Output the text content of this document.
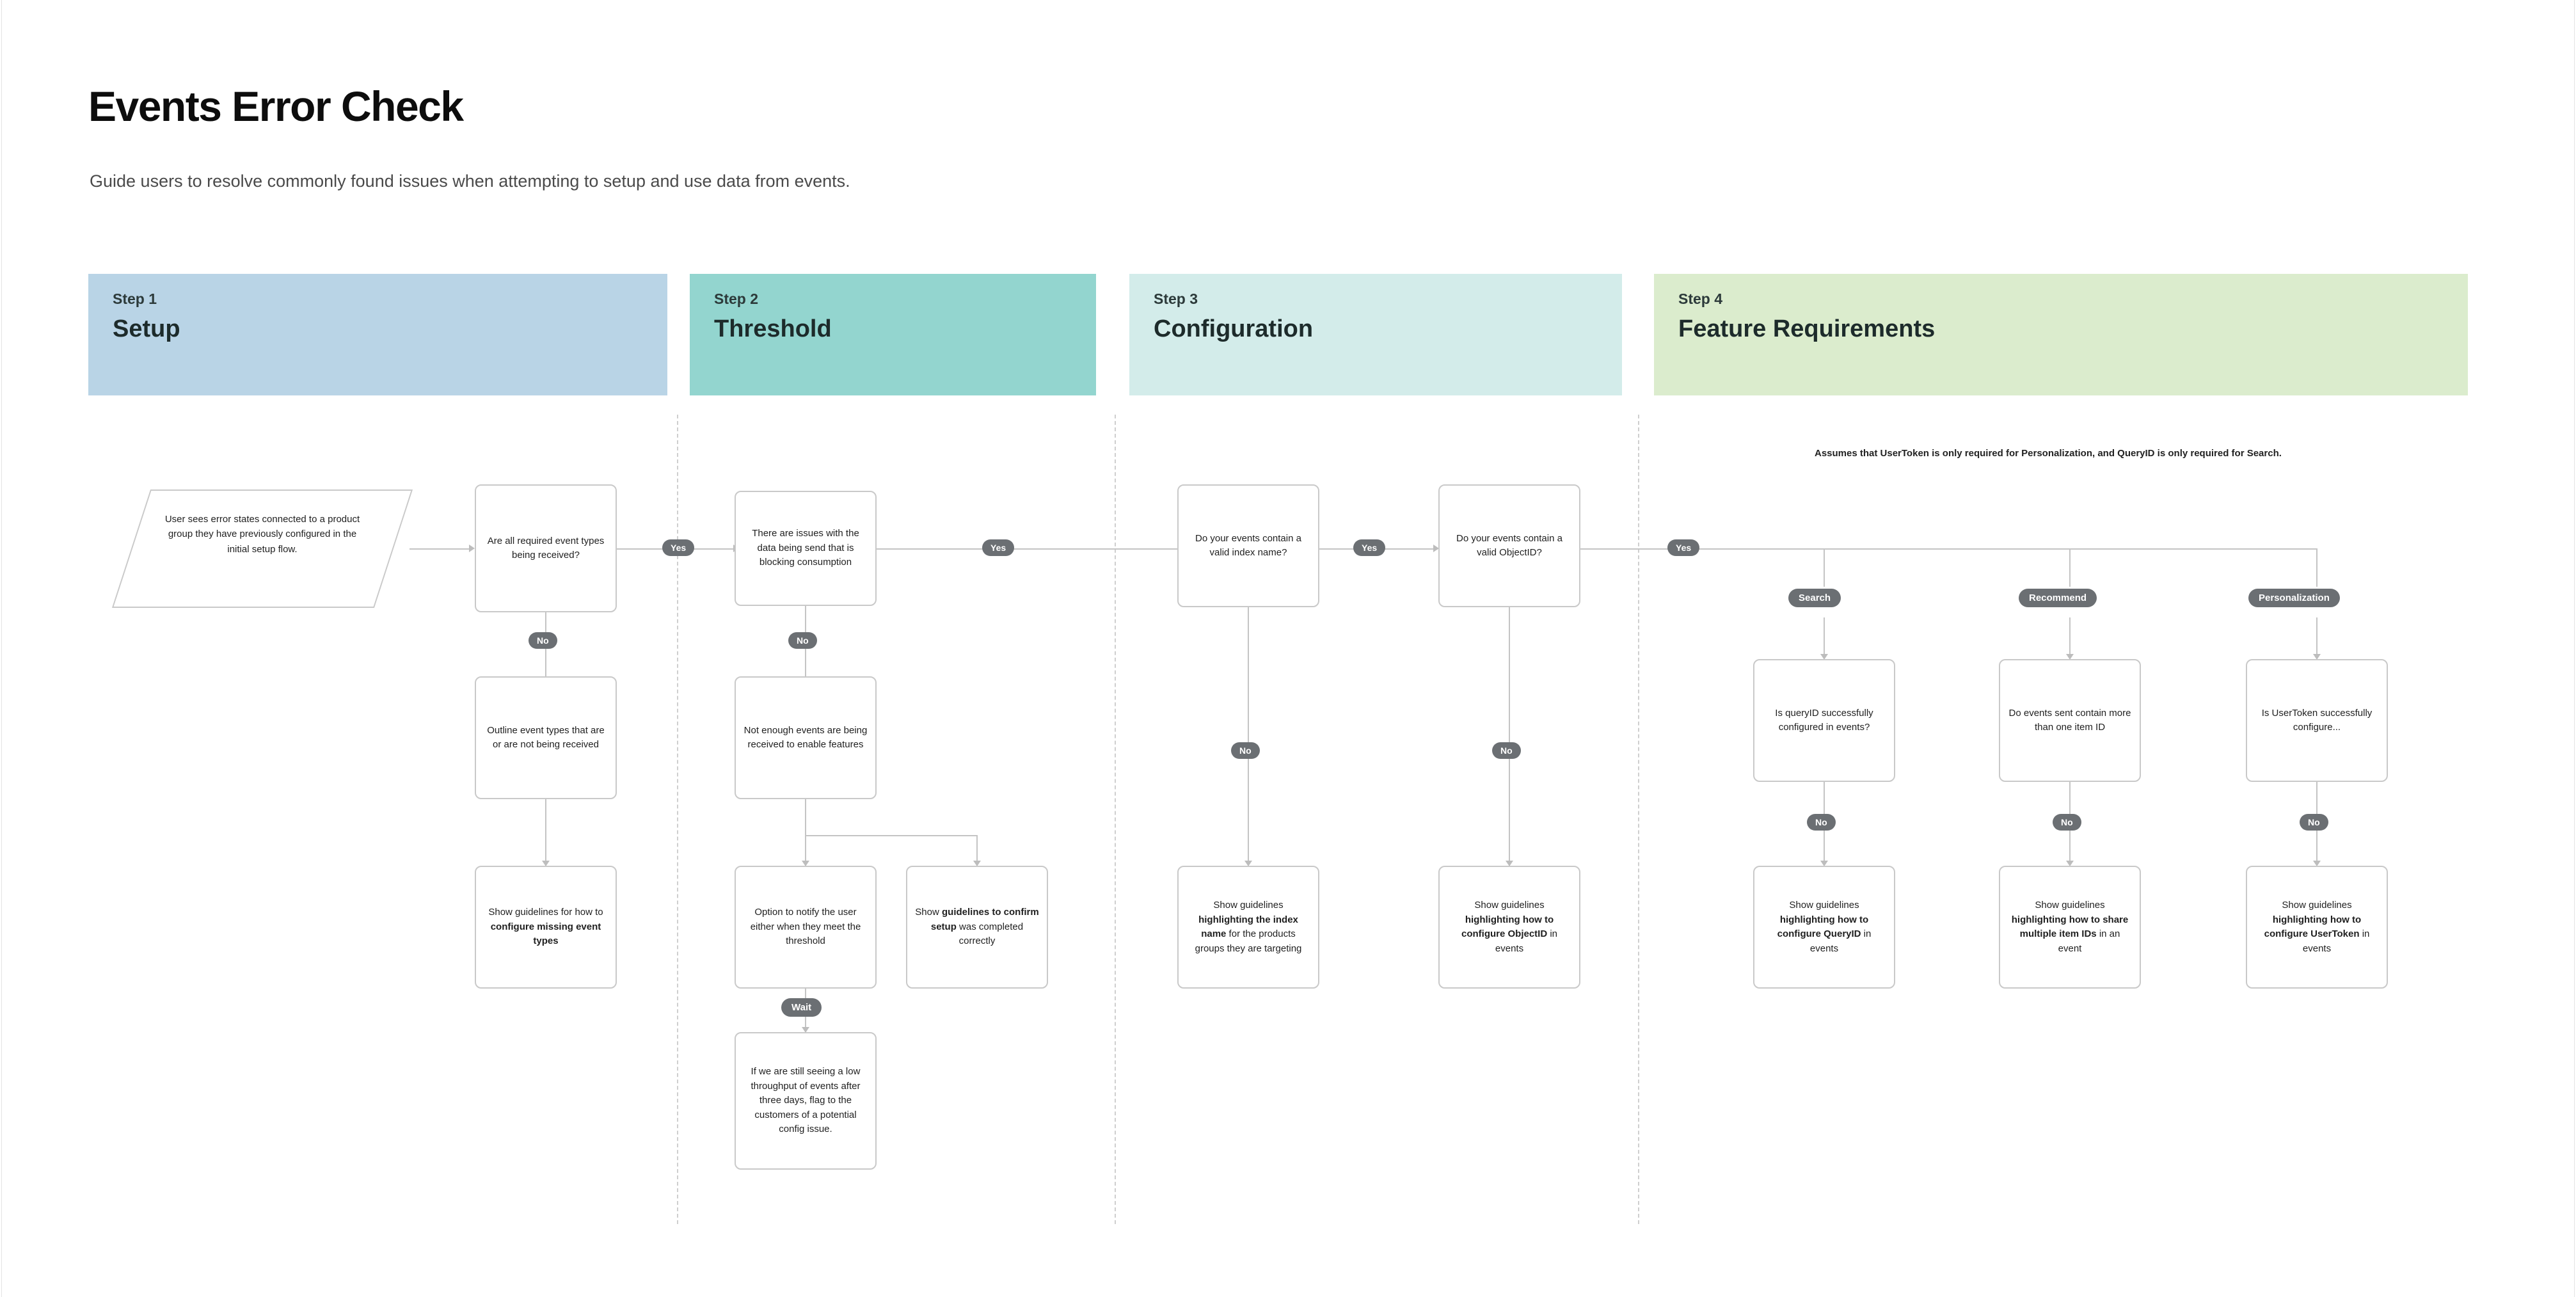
Events Error Check
Guide users to resolve commonly found issues when attempting to setup and use data from events.
Step 1
Setup
Step 2
Threshold
Step 3
Configuration
Step 4
Feature Requirements
Assumes that UserToken is only required for Personalization, and QueryID is only required for Search.
User sees error states connected to a product group they have previously configured in the initial setup flow.
Are all required event types being received?
Yes
No
Outline event types that are or are not being received
Show guidelines for how to configure missing event types
There are issues with the data being send that is blocking consumption
Yes
No
Not enough events are being received to enable features
Option to notify the user either when they meet the threshold
Show guidelines to confirm setup was completed correctly
Wait
If we are still seeing a low throughput of events after three days, flag to the customers of a potential config issue.
Do your events contain a valid index name?	Yes
No
Show guidelines highlighting the index name for the products groups they are targeting
Do your events contain a valid ObjectID?	Yes
No
Show guidelines highlighting how to configure ObjectID in events
Search	Recommend	Personalization
Is queryID successfully configured in events?
Do events sent contain more than one item ID
Is UserToken successfully configure...
No	No	No
Show guidelines highlighting how to configure QueryID in events
Show guidelines highlighting how to share multiple item IDs in an event
Show guidelines highlighting how to configure UserToken in events
